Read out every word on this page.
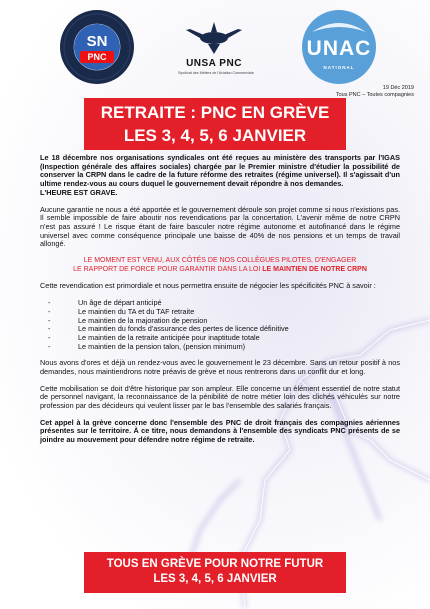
SN
PNC
UNSA PNC
Syndicat des Métiers de l'Aviation Commerciale
UNAC
NATIONAL
19 Déc 2019
Tous PNC – Toutes compagnies
RETRAITE : PNC EN GRÈVE
LES 3, 4, 5, 6 JANVIER

Le 18 décembre nos organisations syndicales ont été reçues au ministère des transports par l'IGAS (Inspection générale des affaires sociales) chargée par le Premier ministre d'étudier la possibilité de conserver la CRPN dans le cadre de la future réforme des retraites (régime universel). Il s'agissait d'un ultime rendez-vous au cours duquel le gouvernement devait répondre à nos demandes.
L'HEURE EST GRAVE.

Aucune garantie ne nous a été apportée et le gouvernement déroule son projet comme si nous n'existions pas. Il semble impossible de faire aboutir nos revendications par la concertation. L'avenir même de notre CRPN n'est pas assuré ! Le risque étant de faire basculer notre régime autonome et autofinancé dans le régime universel avec comme conséquence principale une baisse de 40% de nos pensions et un temps de travail allongé.

LE MOMENT EST VENU, AUX CÔTÉS DE NOS COLLÈGUES PILOTES, D'ENGAGER
LE RAPPORT DE FORCE POUR GARANTIR DANS LA LOI LE MAINTIEN DE NOTRE CRPN

Cette revendication est primordiale et nous permettra ensuite de négocier les spécificités PNC à savoir :

-	Un âge de départ anticipé
-	Le maintien du TA et du TAF retraite
-	Le maintien de la majoration de pension
-	Le maintien du fonds d'assurance des pertes de licence définitive
-	Le maintien de la retraite anticipée pour inaptitude totale
-	Le maintien de la pension talon, (pension minimum)

Nous avons d'ores et déjà un rendez-vous avec le gouvernement le 23 décembre. Sans un retour positif à nos demandes, nous maintiendrons notre préavis de grève et nous rentrerons dans un conflit dur et long.

Cette mobilisation se doit d'être historique par son ampleur. Elle concerne un élément essentiel de notre statut de personnel navigant, la reconnaissance de la pénibilité de notre métier loin des clichés véhiculés sur notre profession par des décideurs qui veulent lisser par le bas l'ensemble des salariés français.

Cet appel à la grève concerne donc l'ensemble des PNC de droit français des compagnies aériennes présentes sur le territoire. À ce titre, nous demandons à l'ensemble des syndicats PNC présents de se joindre au mouvement pour défendre notre régime de retraite.

TOUS EN GRÈVE POUR NOTRE FUTUR
LES 3, 4, 5, 6 JANVIER
